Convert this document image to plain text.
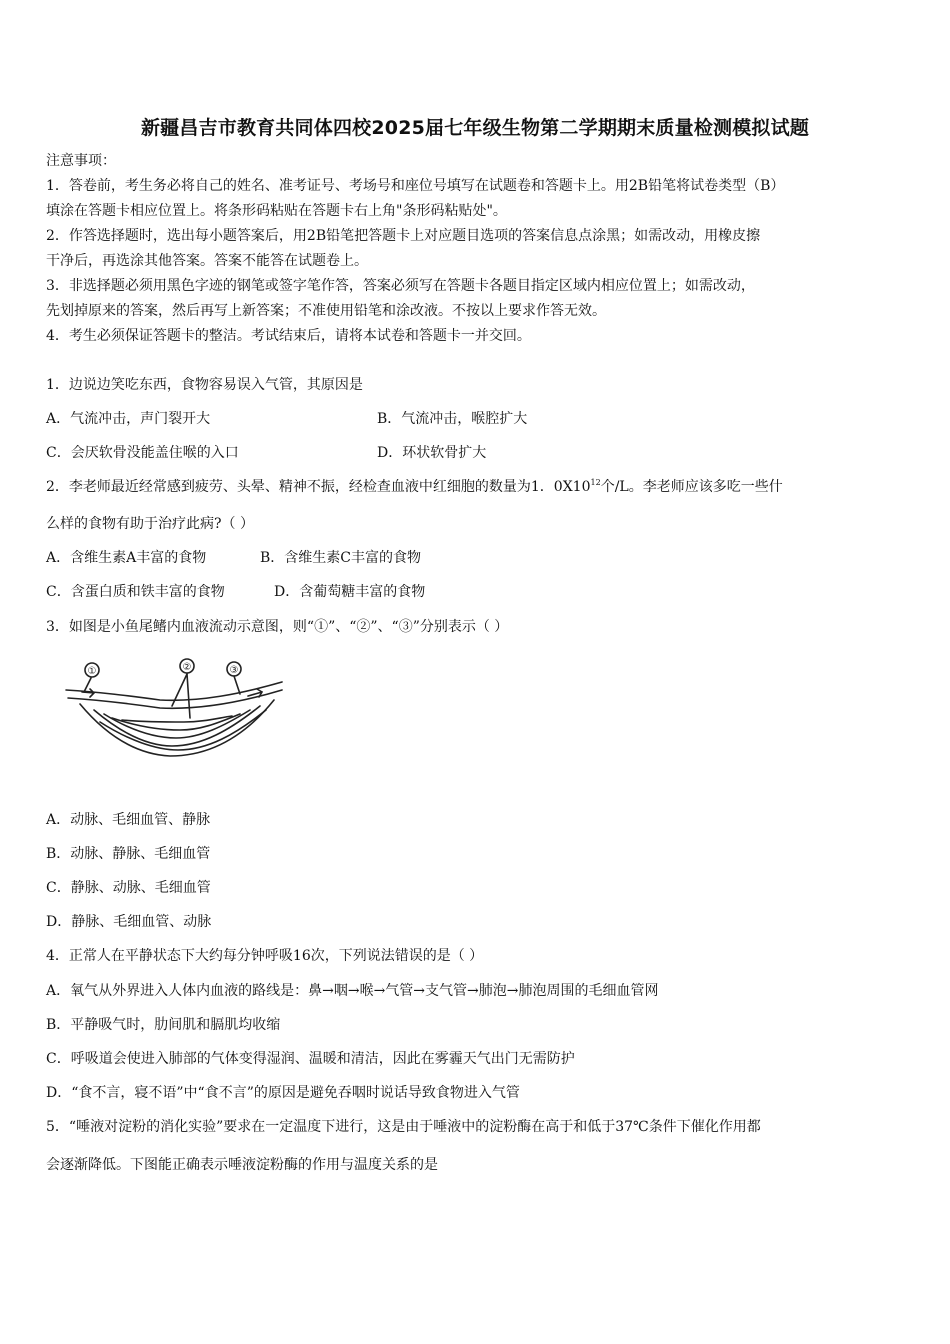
新疆昌吉市教育共同体四校2025届七年级生物第二学期期末质量检测模拟试题
注意事项：
1．答卷前，考生务必将自己的姓名、准考证号、考场号和座位号填写在试题卷和答题卡上。用2B铅笔将试卷类型（B）
填涂在答题卡相应位置上。将条形码粘贴在答题卡右上角"条形码粘贴处"。
2．作答选择题时，选出每小题答案后，用2B铅笔把答题卡上对应题目选项的答案信息点涂黑；如需改动，用橡皮擦
干净后，再选涂其他答案。答案不能答在试题卷上。
3．非选择题必须用黑色字迹的钢笔或签字笔作答，答案必须写在答题卡各题目指定区域内相应位置上；如需改动，
先划掉原来的答案，然后再写上新答案；不准使用铅笔和涂改液。不按以上要求作答无效。
4．考生必须保证答题卡的整洁。考试结束后，请将本试卷和答题卡一并交回。
1．边说边笑吃东西，食物容易误入气管，其原因是
A．气流冲击，声门裂开大	B．气流冲击，喉腔扩大
C．会厌软骨没能盖住喉的入口	D．环状软骨扩大
2．李老师最近经常感到疲劳、头晕、精神不振，经检查血液中红细胞的数量为1．$0X10^{12}$个/L。李老师应该多吃一些什
么样的食物有助于治疗此病?（ ）
A．含维生素A丰富的食物	B．含维生素C丰富的食物
C．含蛋白质和铁丰富的食物	D．含葡萄糖丰富的食物
3．如图是小鱼尾鳍内血液流动示意图，则“①”、“②”、“③”分别表示（ ）
①	②	③
A．动脉、毛细血管、静脉
B．动脉、静脉、毛细血管
C．静脉、动脉、毛细血管
D．静脉、毛细血管、动脉
4．正常人在平静状态下大约每分钟呼吸16次，下列说法错误的是（ ）
A．氧气从外界进入人体内血液的路线是：鼻→咽→喉→气管→支气管→肺泡→肺泡周围的毛细血管网
B．平静吸气时，肋间肌和膈肌均收缩
C．呼吸道会使进入肺部的气体变得湿润、温暖和清洁，因此在雾霾天气出门无需防护
D．“食不言，寝不语”中“食不言”的原因是避免吞咽时说话导致食物进入气管
5．“唾液对淀粉的消化实验”要求在一定温度下进行，这是由于唾液中的淀粉酶在高于和低于37℃条件下催化作用都
会逐渐降低。下图能正确表示唾液淀粉酶的作用与温度关系的是
